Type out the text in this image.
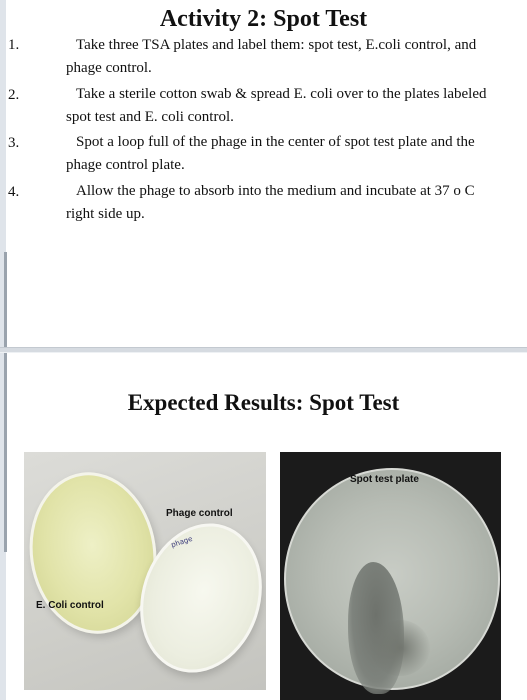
Activity 2: Spot Test
1.	Take three TSA plates and label them: spot test, E.coli control, and phage control.
2.	Take a sterile cotton swab & spread E. coli over to the plates labeled spot test and E. coli control.
3.	Spot a loop full of the phage in the center of spot test plate and the phage control plate.
4.	Allow the phage to absorb into the medium and incubate at 37 o C right side up.
Expected Results: Spot Test
phage
Phage control
E. Coli control
Spot test plate
